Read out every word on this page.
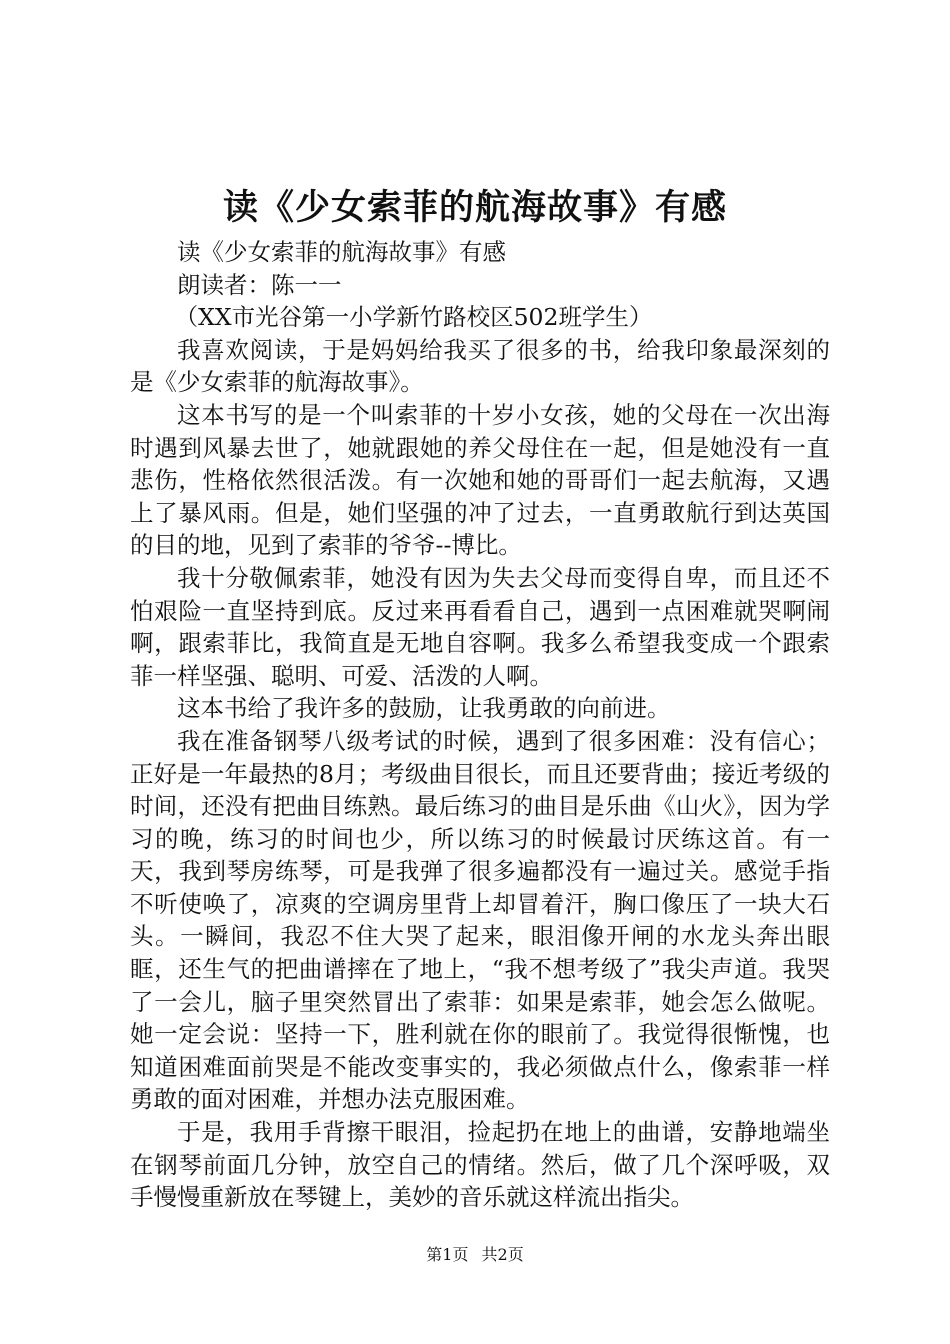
读《少女索菲的航海故事》有感

读《少女索菲的航海故事》有感

朗读者：陈一一

（XX市光谷第一小学新竹路校区502班学生）

我喜欢阅读，于是妈妈给我买了很多的书，给我印象最深刻的是《少女索菲的航海故事》。

这本书写的是一个叫索菲的十岁小女孩，她的父母在一次出海时遇到风暴去世了，她就跟她的养父母住在一起，但是她没有一直悲伤，性格依然很活泼。有一次她和她的哥哥们一起去航海，又遇上了暴风雨。但是，她们坚强的冲了过去，一直勇敢航行到达英国的目的地，见到了索菲的爷爷--博比。

我十分敬佩索菲，她没有因为失去父母而变得自卑，而且还不怕艰险一直坚持到底。反过来再看看自己，遇到一点困难就哭啊闹啊，跟索菲比，我简直是无地自容啊。我多么希望我变成一个跟索菲一样坚强、聪明、可爱、活泼的人啊。

这本书给了我许多的鼓励，让我勇敢的向前进。

我在准备钢琴八级考试的时候，遇到了很多困难：没有信心；正好是一年最热的8月；考级曲目很长，而且还要背曲；接近考级的时间，还没有把曲目练熟。最后练习的曲目是乐曲《山火》，因为学习的晚，练习的时间也少，所以练习的时候最讨厌练这首。有一天，我到琴房练琴，可是我弹了很多遍都没有一遍过关。感觉手指不听使唤了，凉爽的空调房里背上却冒着汗，胸口像压了一块大石头。一瞬间，我忍不住大哭了起来，眼泪像开闸的水龙头奔出眼眶，还生气的把曲谱摔在了地上，“我不想考级了”我尖声道。我哭了一会儿，脑子里突然冒出了索菲：如果是索菲，她会怎么做呢。她一定会说：坚持一下，胜利就在你的眼前了。我觉得很惭愧，也知道困难面前哭是不能改变事实的，我必须做点什么，像索菲一样勇敢的面对困难，并想办法克服困难。

于是，我用手背擦干眼泪，捡起扔在地上的曲谱，安静地端坐在钢琴前面几分钟，放空自己的情绪。然后，做了几个深呼吸，双手慢慢重新放在琴键上，美妙的音乐就这样流出指尖。

第1页 共2页
